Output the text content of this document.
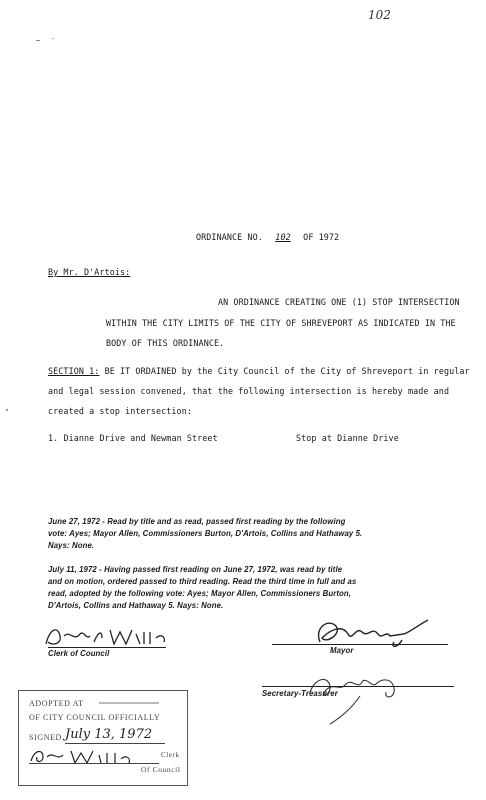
102
ORDINANCE NO. 102 OF 1972
By Mr. D'Artois:
AN ORDINANCE CREATING ONE (1) STOP INTERSECTION
WITHIN THE CITY LIMITS OF THE CITY OF SHREVEPORT AS INDICATED IN THE
BODY OF THIS ORDINANCE.
SECTION 1: BE IT ORDAINED by the City Council of the City of Shreveport in regular
and legal session convened, that the following intersection is hereby made and
created a stop intersection:
1. Dianne Drive and Newman Street	Stop at Dianne Drive
June 27, 1972 - Read by title and as read, passed first reading by the following
vote: Ayes; Mayor Allen, Commissioners Burton, D'Artois, Collins and Hathaway 5.
Nays: None.
July 11, 1972 - Having passed first reading on June 27, 1972, was read by title
and on motion, ordered passed to third reading. Read the third time in full and as
read, adopted by the following vote: Ayes; Mayor Allen, Commissioners Burton,
D'Artois, Collins and Hathaway 5. Nays: None.
Clerk of Council	Mayor
Secretary-Treasurer
ADOPTED AT
OF CITY COUNCIL OFFICIALLY
SIGNED July 13, 1972
Clerk
Of Council
